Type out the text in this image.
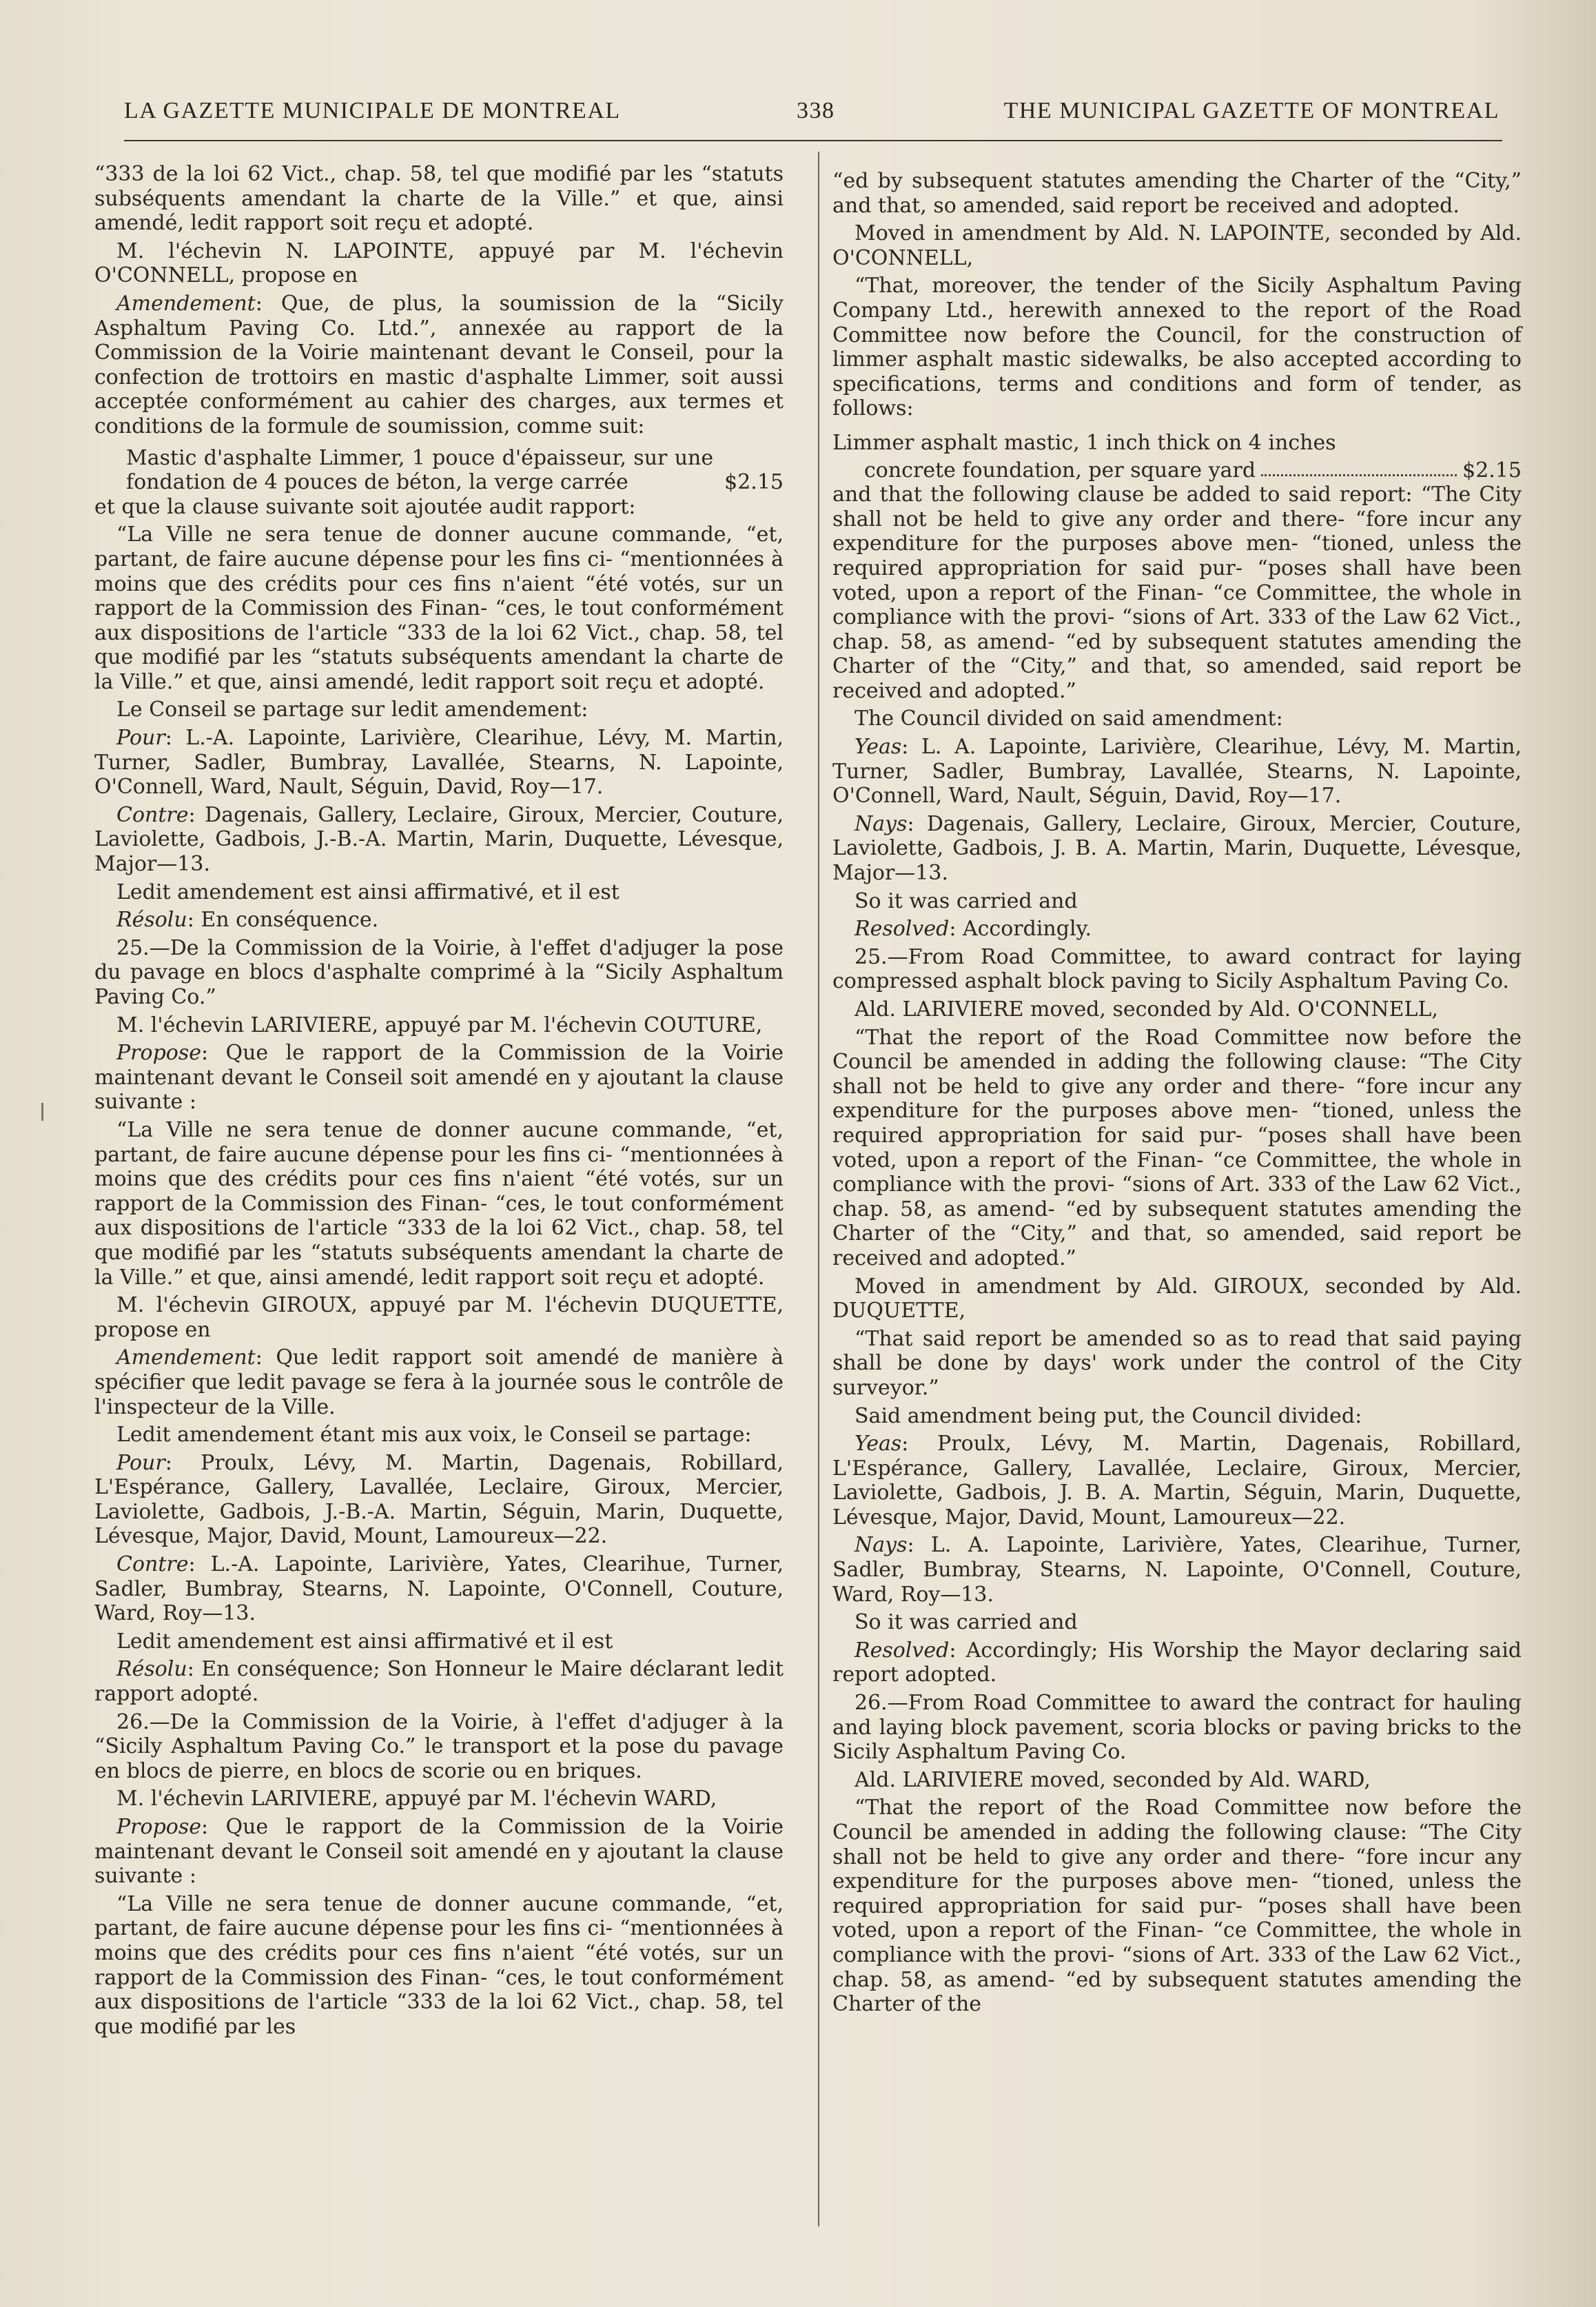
LA GAZETTE MUNICIPALE DE MONTREAL	338	THE MUNICIPAL GAZETTE OF MONTREAL

“333 de la loi 62 Vict., chap. 58, tel que modifié par les “statuts subséquents amendant la charte de la Ville.” et que, ainsi amendé, ledit rapport soit reçu et adopté.

M. l'échevin N. LAPOINTE, appuyé par M. l'échevin O'CONNELL, propose en

Amendement: Que, de plus, la soumission de la “Sicily Asphaltum Paving Co. Ltd.”, annexée au rapport de la Commission de la Voirie maintenant devant le Conseil, pour la confection de trottoirs en mastic d'asphalte Limmer, soit aussi acceptée conformément au cahier des charges, aux termes et conditions de la formule de soumission, comme suit:

Mastic d'asphalte Limmer, 1 pouce d'épaisseur, sur une fondation de 4 pouces de béton, la verge carrée	$2.15

et que la clause suivante soit ajoutée audit rapport:

“La Ville ne sera tenue de donner aucune commande, “et, partant, de faire aucune dépense pour les fins ci- “mentionnées à moins que des crédits pour ces fins n'aient “été votés, sur un rapport de la Commission des Finan- “ces, le tout conformément aux dispositions de l'article “333 de la loi 62 Vict., chap. 58, tel que modifié par les “statuts subséquents amendant la charte de la Ville.” et que, ainsi amendé, ledit rapport soit reçu et adopté.

Le Conseil se partage sur ledit amendement:

Pour: L.-A. Lapointe, Larivière, Clearihue, Lévy, M. Martin, Turner, Sadler, Bumbray, Lavallée, Stearns, N. Lapointe, O'Connell, Ward, Nault, Séguin, David, Roy—17.

Contre: Dagenais, Gallery, Leclaire, Giroux, Mercier, Couture, Laviolette, Gadbois, J.-B.-A. Martin, Marin, Duquette, Lévesque, Major—13.

Ledit amendement est ainsi affirmativé, et il est

Résolu: En conséquence.

25.—De la Commission de la Voirie, à l'effet d'adjuger la pose du pavage en blocs d'asphalte comprimé à la “Sicily Asphaltum Paving Co.”

M. l'échevin LARIVIERE, appuyé par M. l'échevin COUTURE,

Propose: Que le rapport de la Commission de la Voirie maintenant devant le Conseil soit amendé en y ajoutant la clause suivante :

“La Ville ne sera tenue de donner aucune commande, “et, partant, de faire aucune dépense pour les fins ci- “mentionnées à moins que des crédits pour ces fins n'aient “été votés, sur un rapport de la Commission des Finan- “ces, le tout conformément aux dispositions de l'article “333 de la loi 62 Vict., chap. 58, tel que modifié par les “statuts subséquents amendant la charte de la Ville.” et que, ainsi amendé, ledit rapport soit reçu et adopté.

M. l'échevin GIROUX, appuyé par M. l'échevin DUQUETTE, propose en

Amendement: Que ledit rapport soit amendé de manière à spécifier que ledit pavage se fera à la journée sous le contrôle de l'inspecteur de la Ville.

Ledit amendement étant mis aux voix, le Conseil se partage:

Pour: Proulx, Lévy, M. Martin, Dagenais, Robillard, L'Espérance, Gallery, Lavallée, Leclaire, Giroux, Mercier, Laviolette, Gadbois, J.-B.-A. Martin, Séguin, Marin, Duquette, Lévesque, Major, David, Mount, Lamoureux—22.

Contre: L.-A. Lapointe, Larivière, Yates, Clearihue, Turner, Sadler, Bumbray, Stearns, N. Lapointe, O'Connell, Couture, Ward, Roy—13.

Ledit amendement est ainsi affirmativé et il est

Résolu: En conséquence; Son Honneur le Maire déclarant ledit rapport adopté.

26.—De la Commission de la Voirie, à l'effet d'adjuger à la “Sicily Asphaltum Paving Co.” le transport et la pose du pavage en blocs de pierre, en blocs de scorie ou en briques.

M. l'échevin LARIVIERE, appuyé par M. l'échevin WARD,

Propose: Que le rapport de la Commission de la Voirie maintenant devant le Conseil soit amendé en y ajoutant la clause suivante :

“La Ville ne sera tenue de donner aucune commande, “et, partant, de faire aucune dépense pour les fins ci- “mentionnées à moins que des crédits pour ces fins n'aient “été votés, sur un rapport de la Commission des Finan- “ces, le tout conformément aux dispositions de l'article “333 de la loi 62 Vict., chap. 58, tel que modifié par les

“ed by subsequent statutes amending the Charter of the “City,” and that, so amended, said report be received and adopted.

Moved in amendment by Ald. N. LAPOINTE, seconded by Ald. O'CONNELL,

“That, moreover, the tender of the Sicily Asphaltum Paving Company Ltd., herewith annexed to the report of the Road Committee now before the Council, for the construction of limmer asphalt mastic sidewalks, be also accepted according to specifications, terms and conditions and form of tender, as follows:

Limmer asphalt mastic, 1 inch thick on 4 inches

concrete foundation, per square yard	$2.15

and that the following clause be added to said report: “The City shall not be held to give any order and there- “fore incur any expenditure for the purposes above men- “tioned, unless the required appropriation for said pur- “poses shall have been voted, upon a report of the Finan- “ce Committee, the whole in compliance with the provi- “sions of Art. 333 of the Law 62 Vict., chap. 58, as amend- “ed by subsequent statutes amending the Charter of the “City,” and that, so amended, said report be received and adopted.”

The Council divided on said amendment:

Yeas: L. A. Lapointe, Larivière, Clearihue, Lévy, M. Martin, Turner, Sadler, Bumbray, Lavallée, Stearns, N. Lapointe, O'Connell, Ward, Nault, Séguin, David, Roy—17.

Nays: Dagenais, Gallery, Leclaire, Giroux, Mercier, Couture, Laviolette, Gadbois, J. B. A. Martin, Marin, Duquette, Lévesque, Major—13.

So it was carried and

Resolved: Accordingly.

25.—From Road Committee, to award contract for laying compressed asphalt block paving to Sicily Asphaltum Paving Co.

Ald. LARIVIERE moved, seconded by Ald. O'CONNELL,

“That the report of the Road Committee now before the Council be amended in adding the following clause: “The City shall not be held to give any order and there- “fore incur any expenditure for the purposes above men- “tioned, unless the required appropriation for said pur- “poses shall have been voted, upon a report of the Finan- “ce Committee, the whole in compliance with the provi- “sions of Art. 333 of the Law 62 Vict., chap. 58, as amend- “ed by subsequent statutes amending the Charter of the “City,” and that, so amended, said report be received and adopted.”

Moved in amendment by Ald. GIROUX, seconded by Ald. DUQUETTE,

“That said report be amended so as to read that said paying shall be done by days' work under the control of the City surveyor.”

Said amendment being put, the Council divided:

Yeas: Proulx, Lévy, M. Martin, Dagenais, Robillard, L'Espérance, Gallery, Lavallée, Leclaire, Giroux, Mercier, Laviolette, Gadbois, J. B. A. Martin, Séguin, Marin, Duquette, Lévesque, Major, David, Mount, Lamoureux—22.

Nays: L. A. Lapointe, Larivière, Yates, Clearihue, Turner, Sadler, Bumbray, Stearns, N. Lapointe, O'Connell, Couture, Ward, Roy—13.

So it was carried and

Resolved: Accordingly; His Worship the Mayor declaring said report adopted.

26.—From Road Committee to award the contract for hauling and laying block pavement, scoria blocks or paving bricks to the Sicily Asphaltum Paving Co.

Ald. LARIVIERE moved, seconded by Ald. WARD,

“That the report of the Road Committee now before the Council be amended in adding the following clause: “The City shall not be held to give any order and there- “fore incur any expenditure for the purposes above men- “tioned, unless the required appropriation for said pur- “poses shall have been voted, upon a report of the Finan- “ce Committee, the whole in compliance with the provi- “sions of Art. 333 of the Law 62 Vict., chap. 58, as amend- “ed by subsequent statutes amending the Charter of the
